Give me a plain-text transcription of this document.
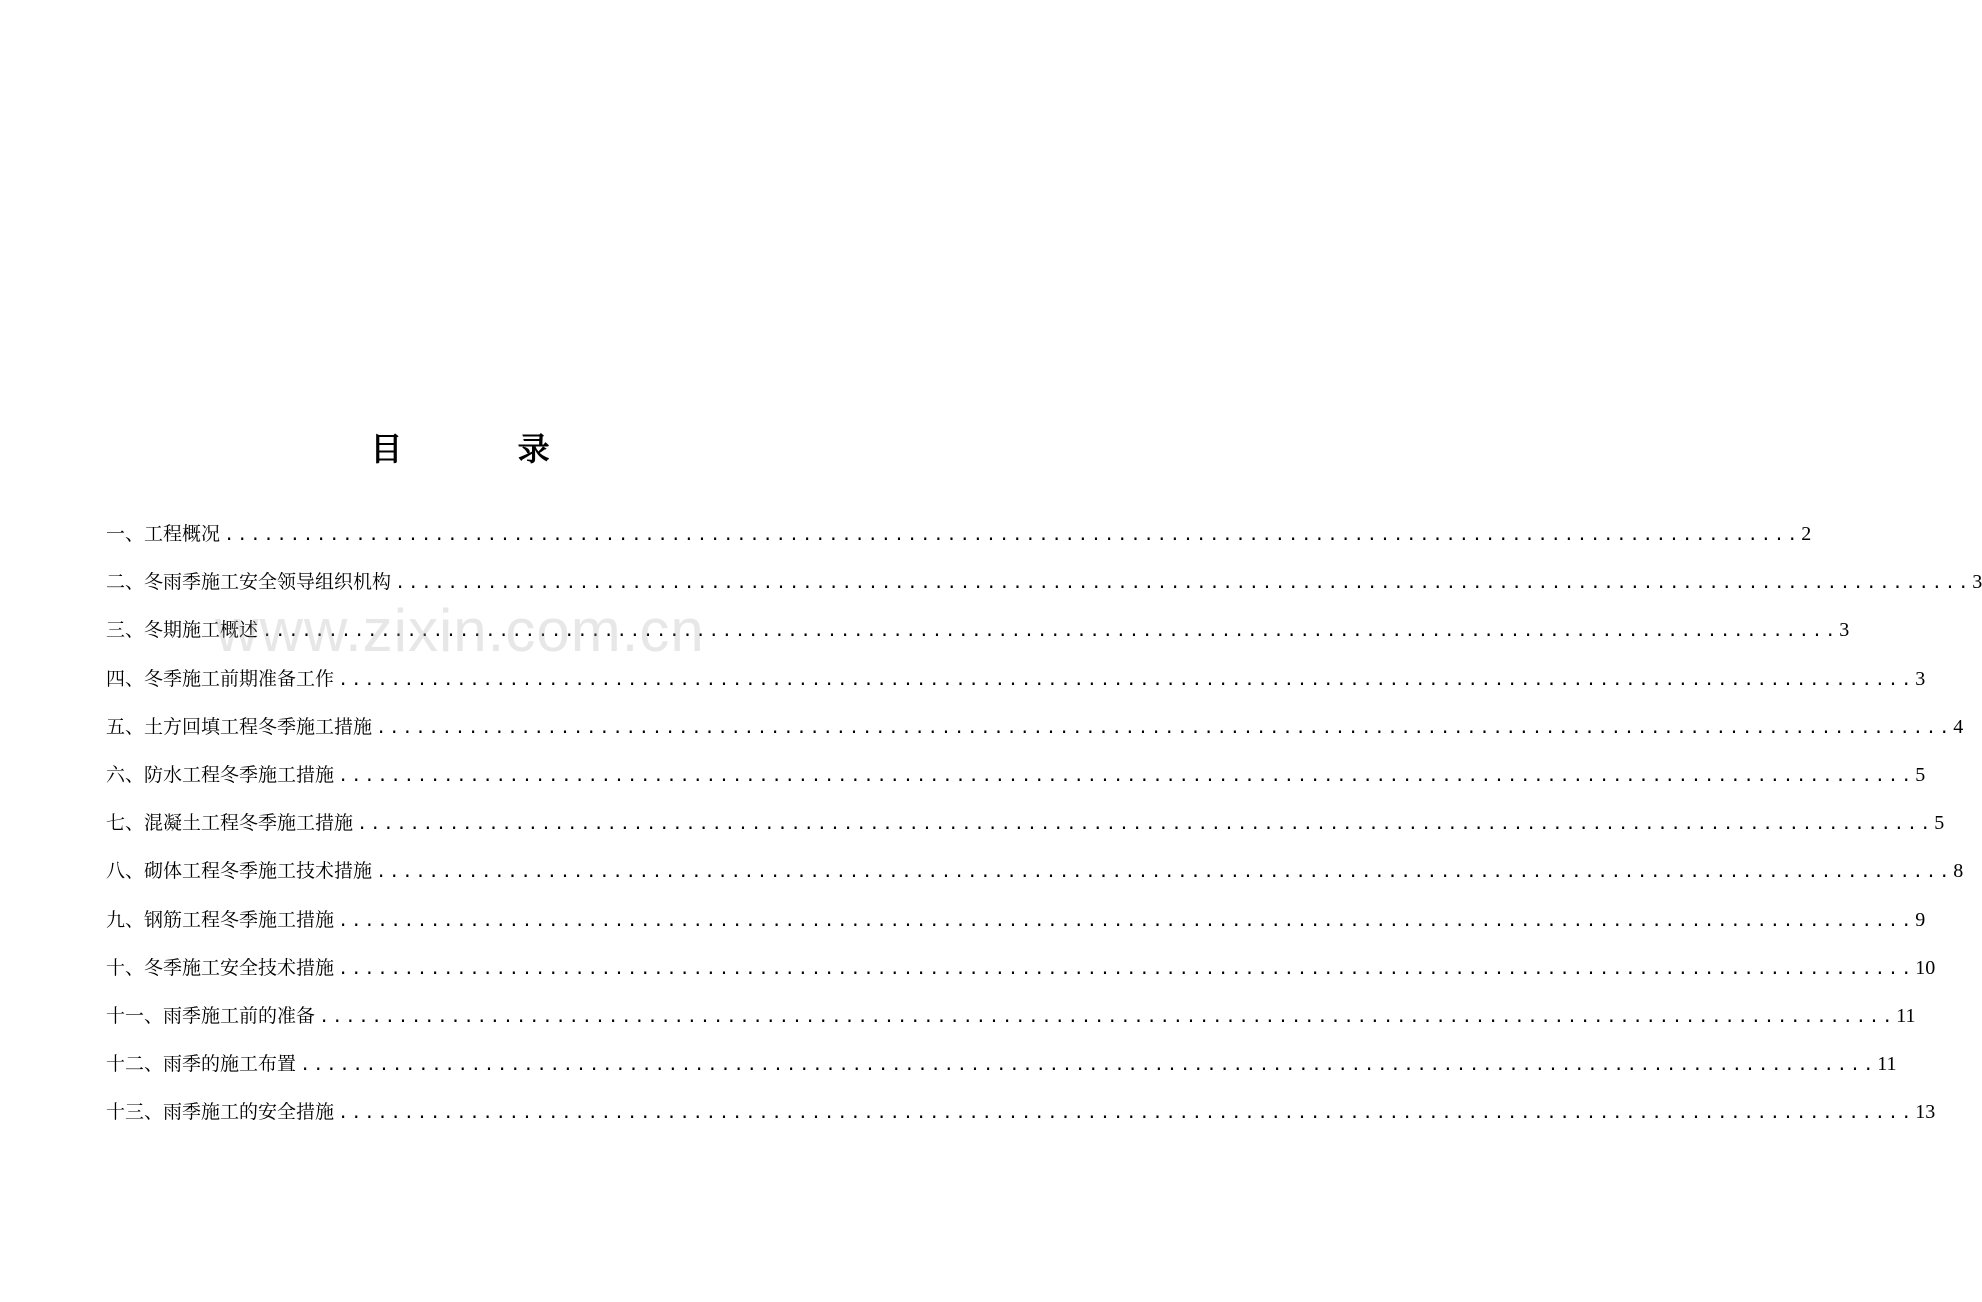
目 录
一、工程概况 ........................................................................................................................ 2
二、冬雨季施工安全领导组织机构 ........................................................................................................................ 3
三、冬期施工概述 ........................................................................................................................ 3
四、冬季施工前期准备工作 ........................................................................................................................ 3
五、土方回填工程冬季施工措施 ........................................................................................................................ 4
六、防水工程冬季施工措施 ........................................................................................................................ 5
七、混凝土工程冬季施工措施 ........................................................................................................................ 5
八、砌体工程冬季施工技术措施 ........................................................................................................................ 8
九、钢筋工程冬季施工措施 ........................................................................................................................ 9
十、冬季施工安全技术措施 ........................................................................................................................ 10
十一、雨季施工前的准备 ........................................................................................................................ 11
十二、雨季的施工布置 ........................................................................................................................ 11
十三、雨季施工的安全措施 ........................................................................................................................ 13
www.zixin.com.cn
